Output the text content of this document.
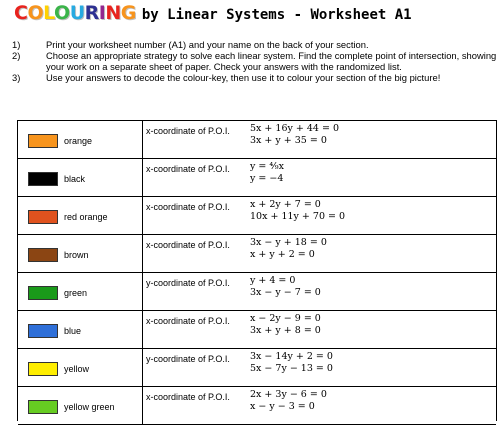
COLOURING by Linear Systems - Worksheet A1
1)	Print your worksheet number (A1) and your name on the back of your section.
2)	Choose an appropriate strategy to solve each linear system. Find the complete point of intersection, showing your work on a separate sheet of paper. Check your answers with the randomized list.
3)	Use your answers to decode the colour-key, then use it to colour your section of the big picture!
orange
x-coordinate of P.O.I. 5x + 16y + 44 = 0
3x + y + 35 = 0
black
x-coordinate of P.O.I. y = ⁴⁄₉x
y = −4
red orange
x-coordinate of P.O.I. x + 2y + 7 = 0
10x + 11y + 70 = 0
brown
x-coordinate of P.O.I. 3x − y + 18 = 0
x + y + 2 = 0
green
y-coordinate of P.O.I. y + 4 = 0
3x − y − 7 = 0
blue
x-coordinate of P.O.I. x − 2y − 9 = 0
3x + y + 8 = 0
yellow
y-coordinate of P.O.I. 3x − 14y + 2 = 0
5x − 7y − 13 = 0
yellow green
x-coordinate of P.O.I. 2x + 3y − 6 = 0
x − y − 3 = 0
